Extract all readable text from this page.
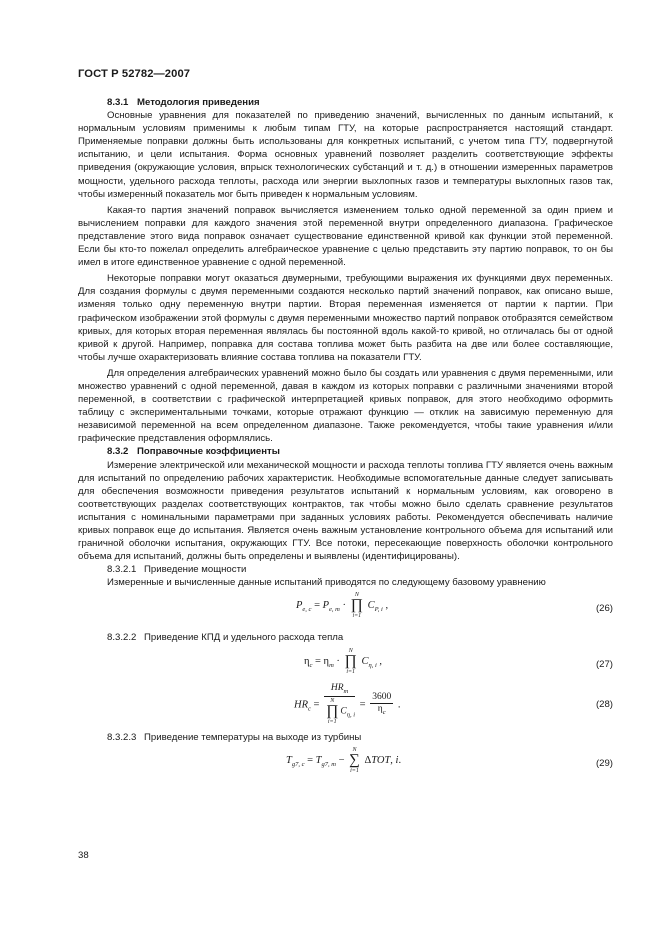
ГОСТ Р 52782—2007

8.3.1 Методология приведения

Основные уравнения для показателей по приведению значений, вычисленных по данным испытаний, к нормальным условиям применимы к любым типам ГТУ, на которые распространяется настоящий стандарт. Применяемые поправки должны быть использованы для конкретных испытаний, с учетом типа ГТУ, подвергнутой испытанию, и цели испытания. Форма основных уравнений позволяет разделить соответствующие эффекты приведения (окружающие условия, впрыск технологических субстанций и т. д.) в отношении измеренных параметров мощности, удельного расхода теплоты, расхода или энергии выхлопных газов и температуры выхлопных газов так, чтобы измеренный показатель мог быть приведен к нормальным условиям.

Какая-то партия значений поправок вычисляется изменением только одной переменной за один прием и вычислением поправки для каждого значения этой переменной внутри определенного диапазона. Графическое представление этого вида поправок означает существование единственной кривой как функции этой переменной. Если бы кто-то пожелал определить алгебраическое уравнение с целью представить эту партию поправок, то он бы имел в итоге единственное уравнение с одной переменной.

Некоторые поправки могут оказаться двумерными, требующими выражения их функциями двух переменных. Для создания формулы с двумя переменными создаются несколько партий значений поправок, как описано выше, изменяя только одну переменную внутри партии. Вторая переменная изменяется от партии к партии. При графическом изображении этой формулы с двумя переменными множество партий поправок отобразятся семейством кривых, для которых вторая переменная являлась бы постоянной вдоль какой-то кривой, но отличалась бы от одной кривой к другой. Например, поправка для состава топлива может быть разбита на две или более составляющие, чтобы лучше охарактеризовать влияние состава топлива на показатели ГТУ.

Для определения алгебраических уравнений можно было бы создать или уравнения с двумя переменными, или множество уравнений с одной переменной, давая в каждом из которых поправки с различными значениями второй переменной, в соответствии с графической интерпретацией кривых поправок, для этого необходимо оформить таблицу с экспериментальными точками, которые отражают функцию — отклик на зависимую переменную для независимой переменной на всем определенном диапазоне. Также рекомендуется, чтобы такие уравнения и/или графические представления оформлялись.

8.3.2 Поправочные коэффициенты

Измерение электрической или механической мощности и расхода теплоты топлива ГТУ является очень важным для испытаний по определению рабочих характеристик. Необходимые вспомогательные данные следует записывать для обеспечения возможности приведения результатов испытаний к нормальным условиям, как оговорено в соответствующих разделах соответствующих контрактов, так чтобы можно было сделать сравнение результатов испытания с номинальными параметрами при заданных условиях работы. Рекомендуется обеспечивать наличие кривых поправок еще до испытания. Является очень важным установление контрольного объема для испытаний или граничной оболочки испытания, окружающих ГТУ. Все потоки, пересекающие поверхность оболочки контрольного объема для испытаний, должны быть определены и выявлены (идентифицированы).

8.3.2.1 Приведение мощности

Измеренные и вычисленные данные испытаний приводятся по следующему базовому уравнению

$P_{e, c} = P_{e, m}$ ·
N
∏
i=1
$C_{P, i}$ ,	(26)

8.3.2.2 Приведение КПД и удельного расхода тепла

$\eta_c = \eta_m$ ·
N
∏
i=1
$C_{\eta, i}$ ,	(27)
$HR_c = HR_m$
N
∏
i=1
$C_{\eta, i} = \frac{3600}{\eta_c}$ .	(28)

8.3.2.3 Приведение температуры на выходе из турбины

$T_{g7, c} = T_{g7, m}$ −
N
∑
i=1
ΔTOT, i.	(29)
38
